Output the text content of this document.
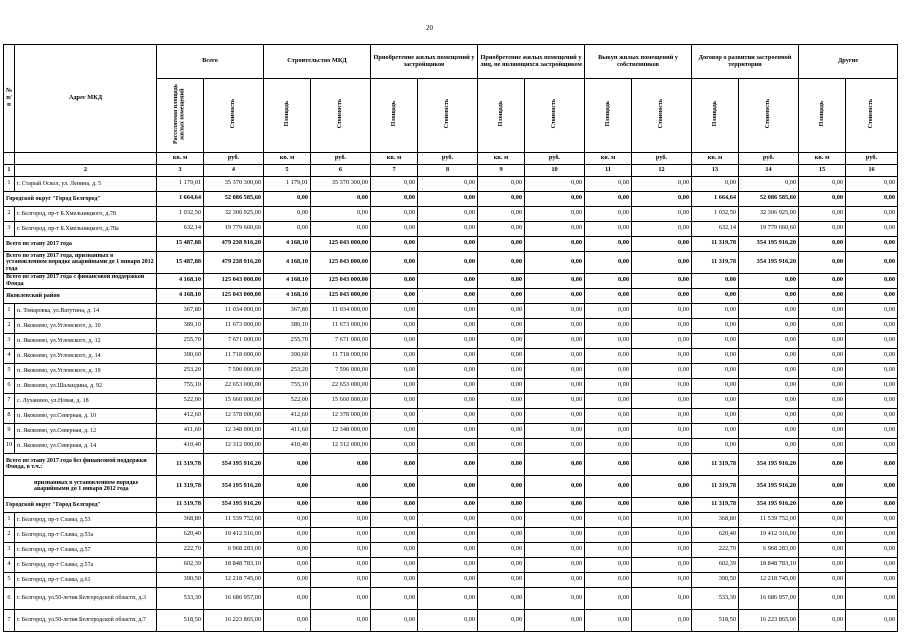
20
№ п/п	Адрес МКД	Всего		Строительство МКД		Приобретение жилых помещений у застройщиков		Приобретение жилых помещений у лиц, не являющихся застройщиком		Выкуп жилых помещений у собственников		Договор о развитии застроенной территории		Другие	
		Расселяемая площадь жилых помещений	Стоимость	Площадь	Стоимость	Площадь	Стоимость	Площадь	Стоимость	Площадь	Стоимость	Площадь	Стоимость	Площадь	Стоимость
		кв. м	руб.	кв. м	руб.	кв. м	руб.	кв. м	руб.	кв. м	руб.	кв. м	руб.	кв. м	руб.
1	2	3	4	5	6	7	8	9	10	11	12	13	14	15	16
1	г. Старый Оскол, ул. Ленина, д. 5	1 179,01	35 370 300,00	1 179,01	35 370 300,00	0,00	0,00	0,00	0,00	0,00	0,00	0,00	0,00	0,00	0,00
Городской округ "Город Белгород"		1 664,64	52 086 585,60	0,00	0,00	0,00	0,00	0,00	0,00	0,00	0,00	1 664,64	52 086 585,60	0,00	0,00
2	г. Белгород, пр-т Б.Хмельницкого, д.78	1 032,50	32 306 925,00	0,00	0,00	0,00	0,00	0,00	0,00	0,00	0,00	1 032,50	32 306 925,00	0,00	0,00
3	г. Белгород, пр-т Б.Хмельницкого, д.78а	632,14	19 779 660,60	0,00	0,00	0,00	0,00	0,00	0,00	0,00	0,00	632,14	19 779 660,60	0,00	0,00
Всего по этапу 2017 года		15 487,88	479 238 916,20	4 168,10	125 043 000,00	0,00	0,00	0,00	0,00	0,00	0,00	11 319,78	354 195 916,20	0,00	0,00
Всего по этапу 2017 года, признанных в установленном порядке аварийными до 1 января 2012 года		15 487,88	479 238 916,20	4 168,10	125 043 000,00	0,00	0,00	0,00	0,00	0,00	0,00	11 319,78	354 195 916,20	0,00	0,00
Всего по этапу 2017 года с финансовой поддержкой Фонда		4 168,10	125 043 000,00	4 168,10	125 043 000,00	0,00	0,00	0,00	0,00	0,00	0,00	0,00	0,00	0,00	0,00
Яковлевский район		4 168,10	125 043 000,00	4 168,10	125 043 000,00	0,00	0,00	0,00	0,00	0,00	0,00	0,00	0,00	0,00	0,00
1	п. Томаровка, ул.Ватутина, д. 14	367,80	11 034 000,00	367,80	11 034 000,00	0,00	0,00	0,00	0,00	0,00	0,00	0,00	0,00	0,00	0,00
2	п. Яковлево, ул.Угловского, д. 10	389,10	11 673 000,00	389,10	11 673 000,00	0,00	0,00	0,00	0,00	0,00	0,00	0,00	0,00	0,00	0,00
3	п. Яковлево, ул.Угловского, д. 12	255,70	7 671 000,00	255,70	7 671 000,00	0,00	0,00	0,00	0,00	0,00	0,00	0,00	0,00	0,00	0,00
4	п. Яковлево, ул.Угловского, д. 14	390,60	11 718 000,00	390,60	11 718 000,00	0,00	0,00	0,00	0,00	0,00	0,00	0,00	0,00	0,00	0,00
5	п. Яковлево, ул.Угловского, д. 19	253,20	7 596 000,00	253,20	7 596 000,00	0,00	0,00	0,00	0,00	0,00	0,00	0,00	0,00	0,00	0,00
6	п. Яковлево, ул.Шаландина, д. 92	755,10	22 653 000,00	755,10	22 653 000,00	0,00	0,00	0,00	0,00	0,00	0,00	0,00	0,00	0,00	0,00
7	с. Луханино, ул.Новая, д. 18	522,00	15 660 000,00	522,00	15 660 000,00	0,00	0,00	0,00	0,00	0,00	0,00	0,00	0,00	0,00	0,00
8	п. Яковлево, ул.Северная, д. 10	412,60	12 378 000,00	412,60	12 378 000,00	0,00	0,00	0,00	0,00	0,00	0,00	0,00	0,00	0,00	0,00
9	п. Яковлево, ул.Северная, д. 12	411,60	12 348 000,00	411,60	12 348 000,00	0,00	0,00	0,00	0,00	0,00	0,00	0,00	0,00	0,00	0,00
10	п. Яковлево, ул.Северная, д. 14	410,40	12 312 000,00	410,40	12 312 000,00	0,00	0,00	0,00	0,00	0,00	0,00	0,00	0,00	0,00	0,00
Всего по этапу 2017 года без финансовой поддержки Фонда, в т.ч.:		11 319,78	354 195 916,20	0,00	0,00	0,00	0,00	0,00	0,00	0,00	0,00	11 319,78	354 195 916,20	0,00	0,00
признанных в установленном порядке аварийными до 1 января 2012 года		11 319,78	354 195 916,20	0,00	0,00	0,00	0,00	0,00	0,00	0,00	0,00	11 319,78	354 195 916,20	0,00	0,00
Городской округ "Город Белгород"		11 319,78	354 195 916,20	0,00	0,00	0,00	0,00	0,00	0,00	0,00	0,00	11 319,78	354 195 916,20	0,00	0,00
1	г. Белгород, пр-т Славы, д.53	368,80	11 539 752,00	0,00	0,00	0,00	0,00	0,00	0,00	0,00	0,00	368,80	11 539 752,00	0,00	0,00
2	г. Белгород, пр-т Славы, д.53а	620,40	19 412 316,00	0,00	0,00	0,00	0,00	0,00	0,00	0,00	0,00	620,40	19 412 316,00	0,00	0,00
3	г. Белгород, пр-т Славы, д.57	222,70	6 968 283,00	0,00	0,00	0,00	0,00	0,00	0,00	0,00	0,00	222,70	6 968 283,00	0,00	0,00
4	г. Белгород, пр-т Славы, д.57а	602,39	18 848 783,10	0,00	0,00	0,00	0,00	0,00	0,00	0,00	0,00	602,39	18 848 783,10	0,00	0,00
5	г. Белгород, пр-т Славы, д.61	390,50	12 218 745,00	0,00	0,00	0,00	0,00	0,00	0,00	0,00	0,00	390,50	12 218 745,00	0,00	0,00
6	г. Белгород, ул.50-летия Белгородской области, д.3	533,30	16 686 957,00	0,00	0,00	0,00	0,00	0,00	0,00	0,00	0,00	533,30	16 686 957,00	0,00	0,00
7	г. Белгород, ул.50-летия Белгородской области, д.7	518,50	16 223 865,00	0,00	0,00	0,00	0,00	0,00	0,00	0,00	0,00	518,50	16 223 865,00	0,00	0,00
